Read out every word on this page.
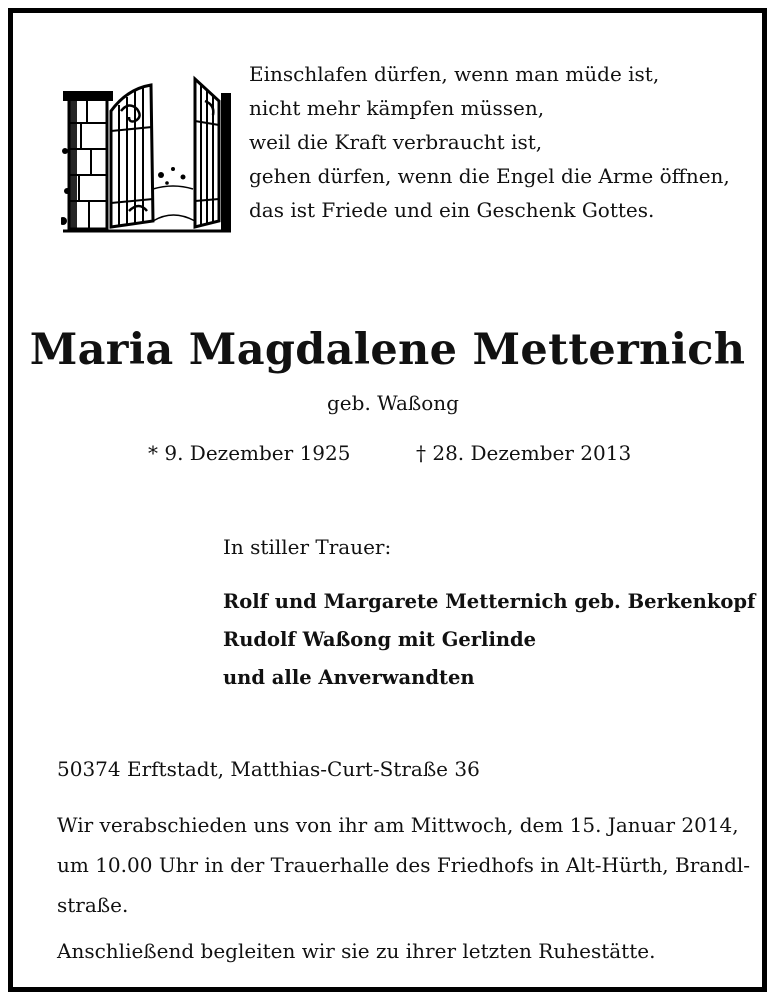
Einschlafen dürfen, wenn man müde ist,
nicht mehr kämpfen müssen,
weil die Kraft verbraucht ist,
gehen dürfen, wenn die Engel die Arme öffnen,
das ist Friede und ein Geschenk Gottes.
Maria Magdalene Metternich
geb. Waßong
* 9. Dezember 1925	† 28. Dezember 2013
In stiller Trauer:
Rolf und Margarete Metternich geb. Berkenkopf
Rudolf Waßong mit Gerlinde
und alle Anverwandten
50374 Erftstadt, Matthias-Curt-Straße 36
Wir verabschieden uns von ihr am Mittwoch, dem 15. Januar 2014,
um 10.00 Uhr in der Trauerhalle des Friedhofs in Alt-Hürth, Brandl-
straße.
Anschließend begleiten wir sie zu ihrer letzten Ruhestätte.
